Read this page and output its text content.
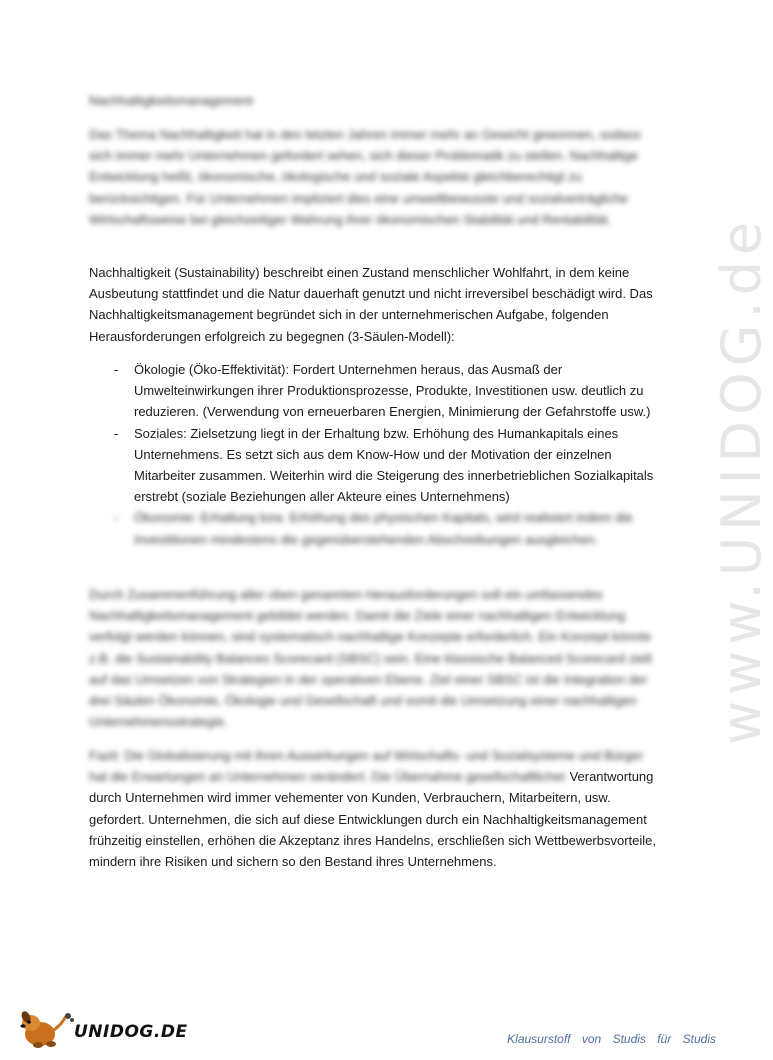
www.UNIDOG.de
Nachhaltigkeitsmanagement

Das Thema Nachhaltigkeit hat in den letzten Jahren immer mehr an Gewicht gewonnen, sodass sich immer mehr Unternehmen gefordert sehen, sich dieser Problematik zu stellen. Nachhaltige Entwicklung heißt, ökonomische, ökologische und soziale Aspekte gleichberechtigt zu berücksichtigen. Für Unternehmen impliziert dies eine umweltbewusste und sozialverträgliche Wirtschaftsweise bei gleichzeitiger Wahrung ihrer ökonomischen Stabilität und Rentabilität.

Nachhaltigkeit (Sustainability) beschreibt einen Zustand menschlicher Wohlfahrt, in dem keine Ausbeutung stattfindet und die Natur dauerhaft genutzt und nicht irreversibel beschädigt wird. Das Nachhaltigkeitsmanagement begründet sich in der unternehmerischen Aufgabe, folgenden Herausforderungen erfolgreich zu begegnen (3-Säulen-Modell):

- Ökologie (Öko-Effektivität): Fordert Unternehmen heraus, das Ausmaß der Umwelteinwirkungen ihrer Produktionsprozesse, Produkte, Investitionen usw. deutlich zu reduzieren. (Verwendung von erneuerbaren Energien, Minimierung der Gefahrstoffe usw.)
- Soziales: Zielsetzung liegt in der Erhaltung bzw. Erhöhung des Humankapitals eines Unternehmens. Es setzt sich aus dem Know-How und der Motivation der einzelnen Mitarbeiter zusammen. Weiterhin wird die Steigerung des innerbetrieblichen Sozialkapitals erstrebt (soziale Beziehungen aller Akteure eines Unternehmens)
- Ökonomie: Erhaltung bzw. Erhöhung des physischen Kapitals, wird realisiert indem die Investitionen mindestens die gegenüberstehenden Abschreibungen ausgleichen.

Durch Zusammenführung aller oben genannten Herausforderungen soll ein umfassendes Nachhaltigkeitsmanagement gebildet werden. Damit die Ziele einer nachhaltigen Entwicklung verfolgt werden können, sind systematisch nachhaltige Konzepte erforderlich. Ein Konzept könnte z.B. die Sustainability Balances Scorecard (SBSC) sein. Eine klassische Balanced Scorecard zielt auf das Umsetzen von Strategien in der operativen Ebene. Ziel einer SBSC ist die Integration der drei Säulen Ökonomie, Ökologie und Gesellschaft und somit die Umsetzung einer nachhaltigen Unternehmensstrategie.

Fazit: Die Globalisierung mit ihren Auswirkungen auf Wirtschafts- und Sozialsysteme und Bürger hat die Erwartungen an Unternehmen verändert. Die Übernahme gesellschaftlicher Verantwortung durch Unternehmen wird immer vehementer von Kunden, Verbrauchern, Mitarbeitern, usw. gefordert. Unternehmen, die sich auf diese Entwicklungen durch ein Nachhaltigkeitsmanagement frühzeitig einstellen, erhöhen die Akzeptanz ihres Handelns, erschließen sich Wettbewerbsvorteile, mindern ihre Risiken und sichern so den Bestand ihres Unternehmens.

UNIDOG.DE	Klausurstoff von Studis für Studis
